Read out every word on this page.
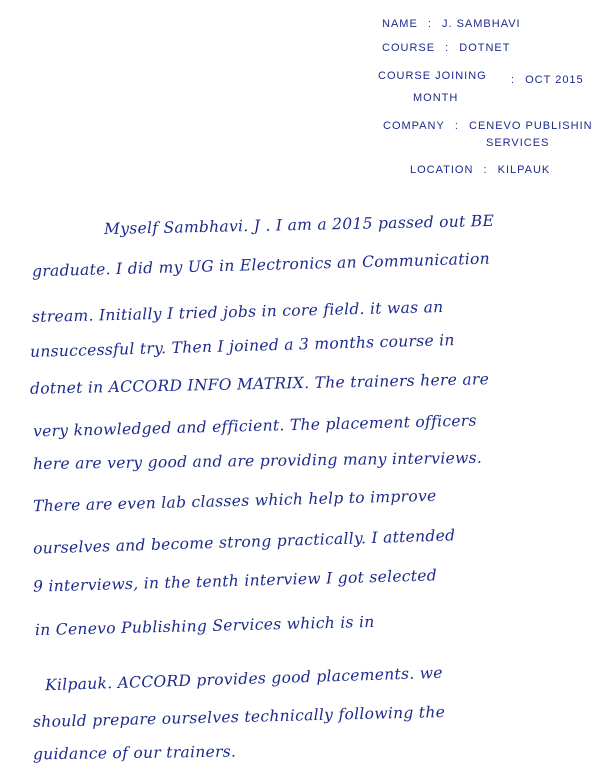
NAME : J. SAMBHAVI
COURSE : DOTNET
COURSE JOINING
MONTH
: OCT 2015
COMPANY : CENEVO PUBLISHIN
SERVICES
LOCATION : KILPAUK
Myself Sambhavi. J . I am a 2015 passed out BE
graduate. I did my UG in Electronics an Communication
stream. Initially I tried jobs in core field. it was an
unsuccessful try. Then I joined a 3 months course in
dotnet in ACCORD INFO MATRIX. The trainers here are
very knowledged and efficient. The placement officers
here are very good and are providing many interviews.
There are even lab classes which help to improve
ourselves and become strong practically. I attended
9 interviews, in the tenth interview I got selected
in Cenevo Publishing Services which is in
Kilpauk. ACCORD provides good placements. we
should prepare ourselves technically following the
guidance of our trainers.
